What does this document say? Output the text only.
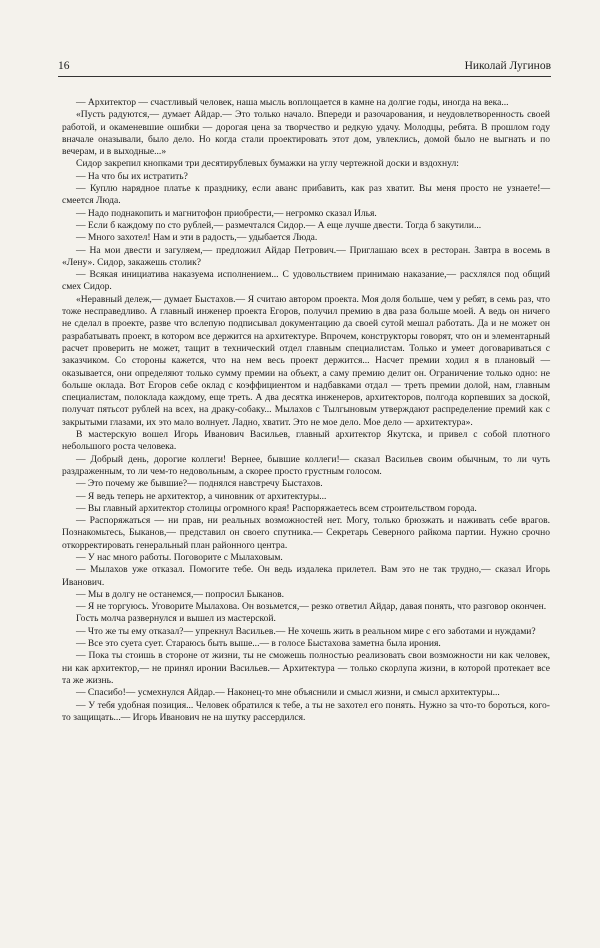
16	Николай Лугинов

— Архитектор — счастливый человек, наша мысль воплощается в камне на долгие годы, иногда на века...

«Пусть радуются,— думает Айдар.— Это только начало. Впереди и разочарования, и неудовлетворенность своей работой, и окаменевшие ошибки — дорогая цена за творчество и редкую удачу. Молодцы, ребята. В прошлом году вначале оназывали, было дело. Но когда стали проектировать этот дом, увлеклись, домой было не выгнать и по вечерам, и в выходные...»

Сидор закрепил кнопками три десятирублевых бумажки на углу чертежной доски и вздохнул:

— На что бы их истратить?

— Куплю нарядное платье к празднику, если аванс прибавить, как раз хватит. Вы меня просто не узнаете!— смеется Люда.

— Надо поднакопить и магнитофон приобрести,— негромко сказал Илья.

— Если б каждому по сто рублей,— размечтался Сидор.— А еще лучше двести. Тогда б закутили...

— Много захотел! Нам и эти в радость,— удыбается Люда.

— На мои двести и загуляем,— предложил Айдар Петрович.— Приглашаю всех в ресторан. Завтра в восемь в «Лену». Сидор, закажешь столик?

— Всякая инициатива наказуема исполнением... С удовольствием принимаю наказание,— расхлялся под общий смех Сидор.

«Неравный дележ,— думает Быстахов.— Я считаю автором проекта. Моя доля больше, чем у ребят, в семь раз, что тоже несправедливо. А главный инженер проекта Егоров, получил премию в два раза больше моей. А ведь он ничего не сделал в проекте, разве что вслепую подписывал документацию да своей сутой мешал работать. Да и не может он разрабатывать проект, в котором все держится на архитектуре. Впрочем, конструкторы говорят, что он и элементарный расчет проверить не может, тащит в технический отдел главным специалистам. Только и умеет договариваться с заказчиком. Со стороны кажется, что на нем весь проект держится... Насчет премии ходил я в плановый — оказывается, они определяют только сумму премии на объект, а саму премию делит он. Ограничение только одно: не больше оклада. Вот Егоров себе оклад с коэффициентом и надбавками отдал — треть премии долой, нам, главным специалистам, полоклада каждому, еще треть. А два десятка инженеров, архитекторов, полгода корпевших за доской, получат пятьсот рублей на всех, на драку-собаку... Мылахов с Тылгыновым утверждают распределение премий как с закрытыми глазами, их это мало волнует. Ладно, хватит. Это не мое дело. Мое дело — архитектура».

В мастерскую вошел Игорь Иванович Васильев, главный архитектор Якутска, и привел с собой плотного небольшого роста человека.

— Добрый день, дорогие коллеги! Вернее, бывшие коллеги!— сказал Васильев своим обычным, то ли чуть раздраженным, то ли чем-то недовольным, а скорее просто грустным голосом.

— Это почему же бывшие?— поднялся навстречу Быстахов.

— Я ведь теперь не архитектор, а чиновник от архитектуры...

— Вы главный архитектор столицы огромного края! Распоряжаетесь всем строительством города.

— Распоряжаться — ни прав, ни реальных возможностей нет. Могу, только брюзжать и наживать себе врагов. Познакомьтесь, Быканов,— представил он своего спутника.— Секретарь Северного райкома партии. Нужно срочно откорректировать генеральный план районного центра.

— У нас много работы. Поговорите с Мылаховым.

— Мылахов уже отказал. Помогите тебе. Он ведь издалека прилетел. Вам это не так трудно,— сказал Игорь Иванович.

— Мы в долгу не останемся,— попросил Быканов.

— Я не торгуюсь. Уговорите Мылахова. Он возьмется,— резко ответил Айдар, давая понять, что разговор окончен.

Гость молча развернулся и вышел из мастерской.

— Что же ты ему отказал?— упрекнул Васильев.— Не хочешь жить в реальном мире с его заботами и нуждами?

— Все это суета сует. Стараюсь быть выше...— в голосе Быстахова заметна была ирония.

— Пока ты стоишь в стороне от жизни, ты не сможешь полностью реализовать свои возможности ни как человек, ни как архитектор,— не принял иронии Васильев.— Архитектура — только скорлупа жизни, в которой протекает все та же жизнь.

— Спасибо!— усмехнулся Айдар.— Наконец-то мне объяснили и смысл жизни, и смысл архитектуры...

— У тебя удобная позиция... Человек обратился к тебе, а ты не захотел его понять. Нужно за что-то бороться, кого-то защищать...— Игорь Иванович не на шутку рассердился.
